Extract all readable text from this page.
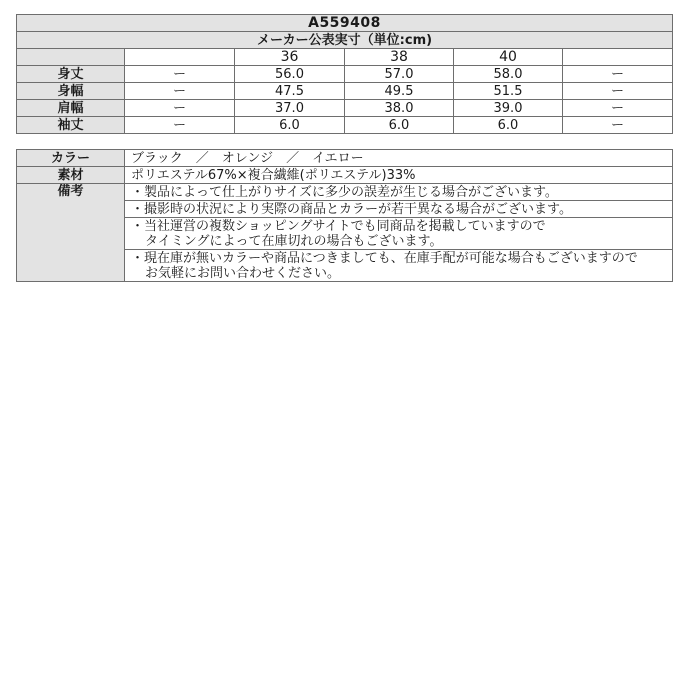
A559408					
メーカー公表実寸（単位:cm)					
		36	38	40	
身丈	ー	56.0	57.0	58.0	ー
身幅	ー	47.5	49.5	51.5	ー
肩幅	ー	37.0	38.0	39.0	ー
袖丈	ー	6.0	6.0	6.0	ー
カラー	ブラック　／　オレンジ　／　イエロー
素材	ポリエステル67%×複合繊維(ポリエステル)33%
備考	・製品によって仕上がりサイズに多少の誤差が生じる場合がございます。

	・撮影時の状況により実際の商品とカラーが若干異なる場合がございます。

	・当社運営の複数ショッピングサイトでも同商品を掲載していますので
タイミングによって在庫切れの場合もございます。

	・現在庫が無いカラーや商品につきましても、在庫手配が可能な場合もございますので
お気軽にお問い合わせください。
